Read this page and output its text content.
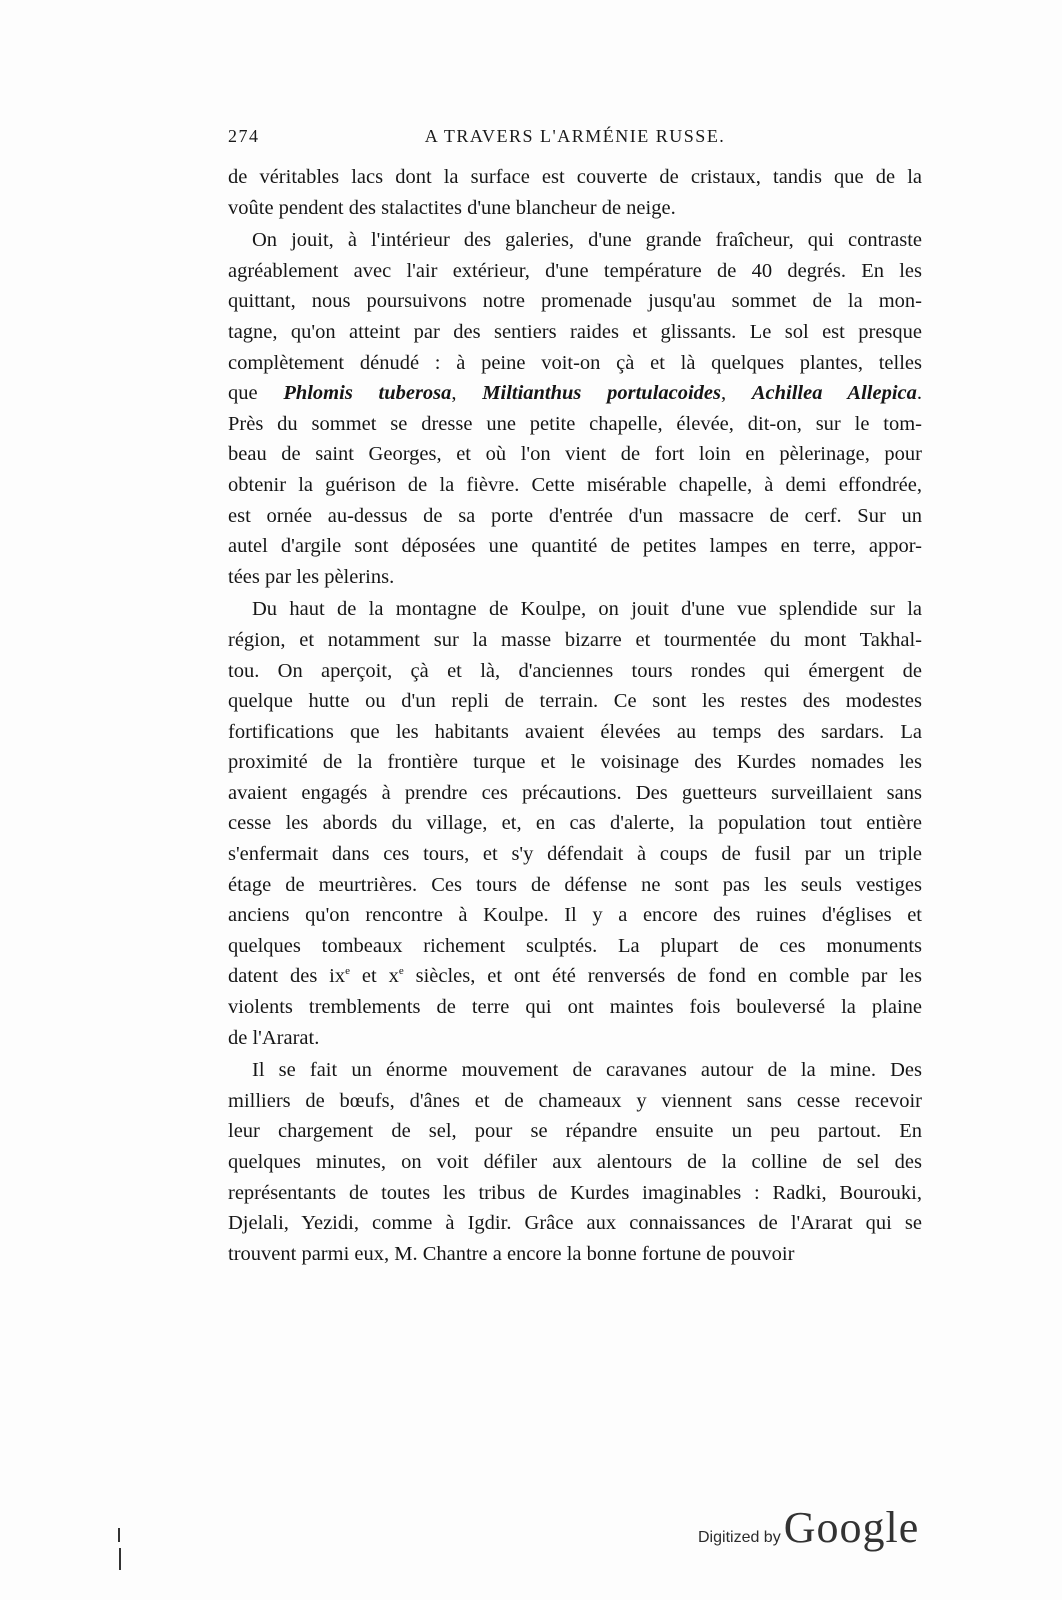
274	A TRAVERS L'ARMÉNIE RUSSE.

de véritables lacs dont la surface est couverte de cristaux, tandis que de la
voûte pendent des stalactites d'une blancheur de neige.

On jouit, à l'intérieur des galeries, d'une grande fraîcheur, qui contraste
agréablement avec l'air extérieur, d'une température de 40 degrés. En les
quittant, nous poursuivons notre promenade jusqu'au sommet de la mon-
tagne, qu'on atteint par des sentiers raides et glissants. Le sol est presque
complètement dénudé : à peine voit-on çà et là quelques plantes, telles
que Phlomis tuberosa, Miltianthus portulacoides, Achillea Allepica.
Près du sommet se dresse une petite chapelle, élevée, dit-on, sur le tom-
beau de saint Georges, et où l'on vient de fort loin en pèlerinage, pour
obtenir la guérison de la fièvre. Cette misérable chapelle, à demi effondrée,
est ornée au-dessus de sa porte d'entrée d'un massacre de cerf. Sur un
autel d'argile sont déposées une quantité de petites lampes en terre, appor-
tées par les pèlerins.

Du haut de la montagne de Koulpe, on jouit d'une vue splendide sur la
région, et notamment sur la masse bizarre et tourmentée du mont Takhal-
tou. On aperçoit, çà et là, d'anciennes tours rondes qui émergent de
quelque hutte ou d'un repli de terrain. Ce sont les restes des modestes
fortifications que les habitants avaient élevées au temps des sardars. La
proximité de la frontière turque et le voisinage des Kurdes nomades les
avaient engagés à prendre ces précautions. Des guetteurs surveillaient sans
cesse les abords du village, et, en cas d'alerte, la population tout entière
s'enfermait dans ces tours, et s'y défendait à coups de fusil par un triple
étage de meurtrières. Ces tours de défense ne sont pas les seuls vestiges
anciens qu'on rencontre à Koulpe. Il y a encore des ruines d'églises et
quelques tombeaux richement sculptés. La plupart de ces monuments
datent des $ix^e$ et $x^e$ siècles, et ont été renversés de fond en comble par les
violents tremblements de terre qui ont maintes fois bouleversé la plaine
de l'Ararat.

Il se fait un énorme mouvement de caravanes autour de la mine. Des
milliers de bœufs, d'ânes et de chameaux y viennent sans cesse recevoir
leur chargement de sel, pour se répandre ensuite un peu partout. En
quelques minutes, on voit défiler aux alentours de la colline de sel des
représentants de toutes les tribus de Kurdes imaginables : Radki, Bourouki,
Djelali, Yezidi, comme à Igdir. Grâce aux connaissances de l'Ararat qui se
trouvent parmi eux, M. Chantre a encore la bonne fortune de pouvoir

Digitized by Google
